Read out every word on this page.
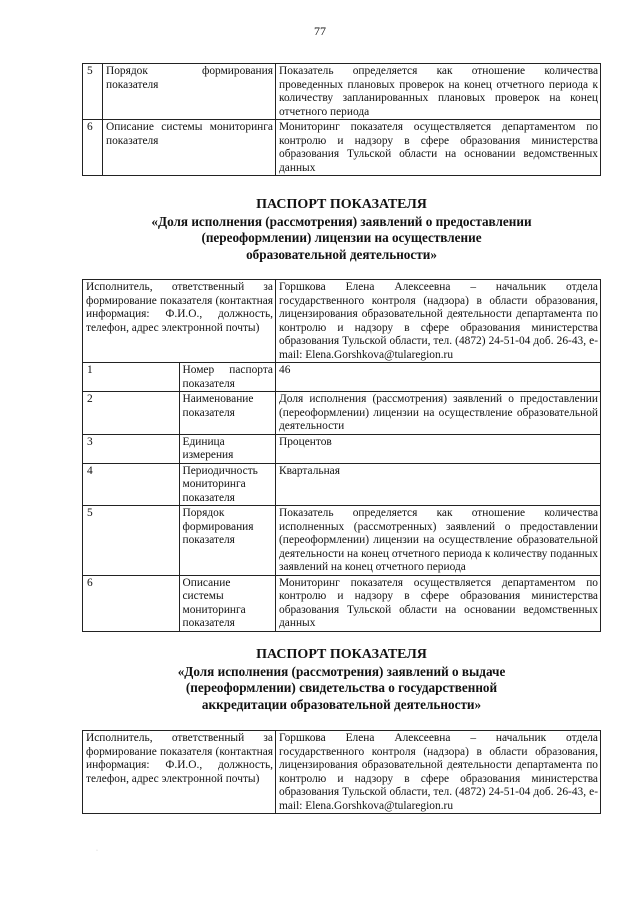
77
5	Порядок формирования показателя	Показатель определяется как отношение количества проведенных плановых проверок на конец отчетного периода к количеству запланированных плановых проверок на конец отчетного периода
6	Описание системы мониторинга показателя	Мониторинг показателя осуществляется департаментом по контролю и надзору в сфере образования министерства образования Тульской области на основании ведомственных данных
ПАСПОРТ ПОКАЗАТЕЛЯ
«Доля исполнения (рассмотрения) заявлений о предоставлении
(переоформлении) лицензии на осуществление
образовательной деятельности»
Исполнитель, ответственный за формирование показателя (контактная информация: Ф.И.О., должность, телефон, адрес электронной почты)		Горшкова Елена Алексеевна – начальник отдела государственного контроля (надзора) в области образования, лицензирования образовательной деятельности департамента по контролю и надзору в сфере образования министерства образования Тульской области, тел. (4872) 24-51-04 доб. 26-43, e-mail: Elena.Gorshkova@tularegion.ru
1	Номер паспорта показателя	46
2	Наименование показателя	Доля исполнения (рассмотрения) заявлений о предоставлении (переоформлении) лицензии на осуществление образовательной деятельности
3	Единица измерения	Процентов
4	Периодичность мониторинга показателя	Квартальная
5	Порядок формирования показателя	Показатель определяется как отношение количества исполненных (рассмотренных) заявлений о предоставлении (переоформлении) лицензии на осуществление образовательной деятельности на конец отчетного периода к количеству поданных заявлений на конец отчетного периода
6	Описание системы мониторинга показателя	Мониторинг показателя осуществляется департаментом по контролю и надзору в сфере образования министерства образования Тульской области на основании ведомственных данных
ПАСПОРТ ПОКАЗАТЕЛЯ
«Доля исполнения (рассмотрения) заявлений о выдаче
(переоформлении) свидетельства о государственной
аккредитации образовательной деятельности»
Исполнитель, ответственный за формирование показателя (контактная информация: Ф.И.О., должность, телефон, адрес электронной почты)	Горшкова Елена Алексеевна – начальник отдела государственного контроля (надзора) в области образования, лицензирования образовательной деятельности департамента по контролю и надзору в сфере образования министерства образования Тульской области, тел. (4872) 24-51-04 доб. 26-43, e-mail: Elena.Gorshkova@tularegion.ru
·
